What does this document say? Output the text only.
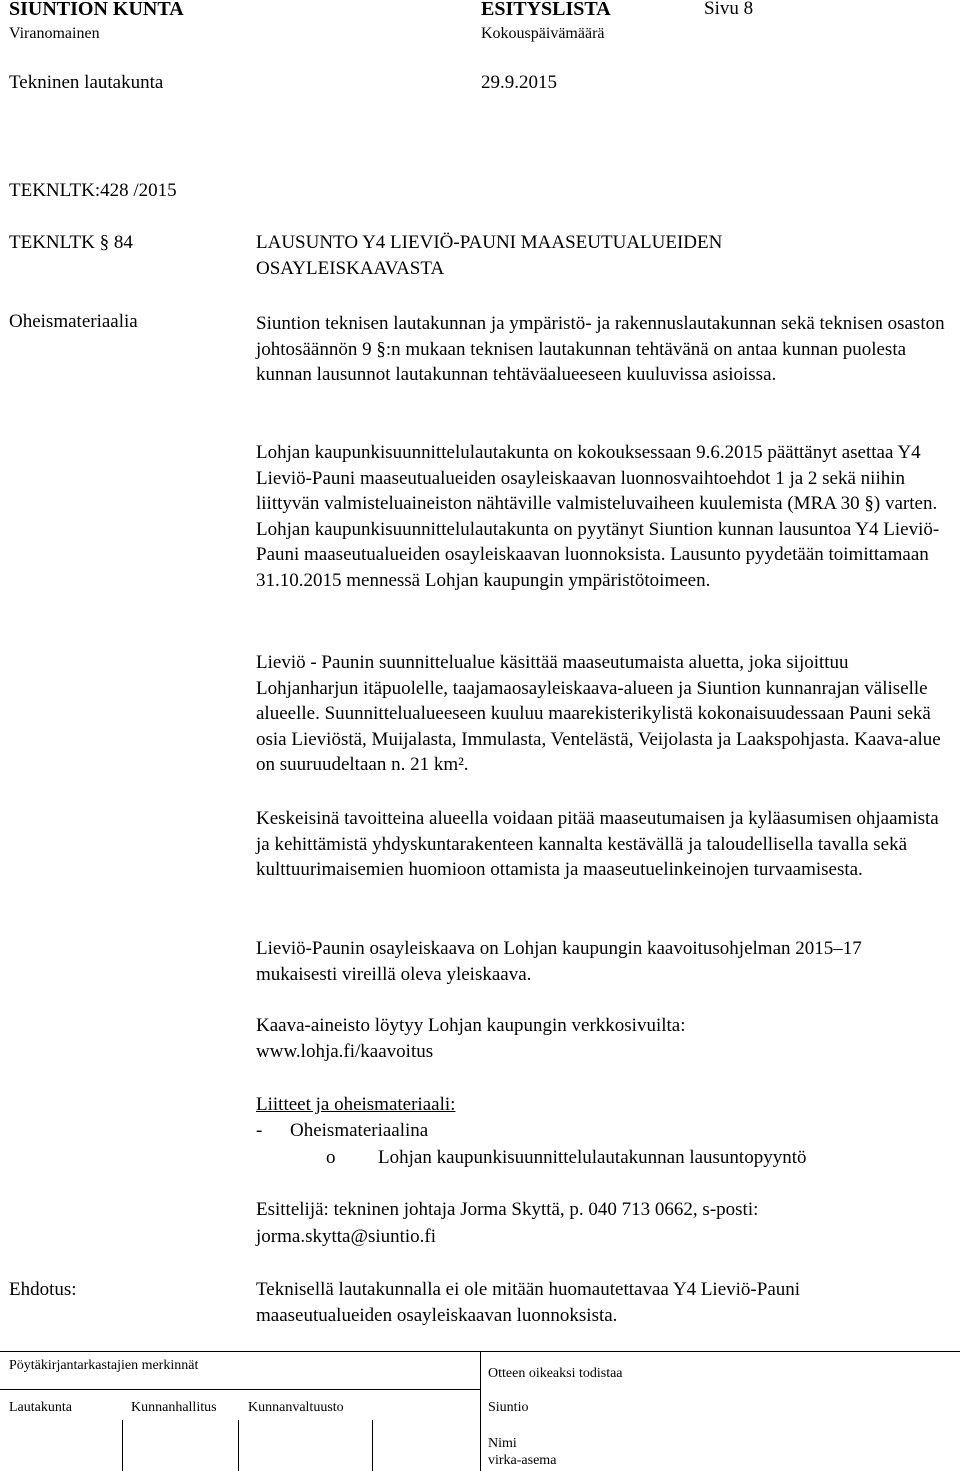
SIUNTION KUNTA	ESITYSLISTA	Sivu 8
Viranomainen	Kokouspäivämäärä
Tekninen lautakunta	29.9.2015
TEKNLTK:428 /2015
TEKNLTK § 84	LAUSUNTO Y4 LIEVIÖ-PAUNI MAASEUTUALUEIDEN
OSAYLEISKAAVASTA
Oheismateriaalia	Siuntion teknisen lautakunnan ja ympäristö- ja rakennuslautakunnan sekä teknisen osaston johtosäännön 9 §:n mukaan teknisen lautakunnan tehtävänä on antaa kunnan puolesta kunnan lausunnot lautakunnan tehtäväalueeseen kuuluvissa asioissa.

Lohjan kaupunkisuunnittelulautakunta on kokouksessaan 9.6.2015 päättänyt asettaa Y4 Lieviö-Pauni maaseutualueiden osayleiskaavan luonnosvaihtoehdot 1 ja 2 sekä niihin liittyvän valmisteluaineiston nähtäville valmisteluvaiheen kuulemista (MRA 30 §) varten. Lohjan kaupunkisuunnittelulautakunta on pyytänyt Siuntion kunnan lausuntoa Y4 Lieviö-Pauni maaseutualueiden osayleiskaavan luonnoksista. Lausunto pyydetään toimittamaan 31.10.2015 mennessä Lohjan kaupungin ympäristötoimeen.

Lieviö - Paunin suunnittelualue käsittää maaseutumaista aluetta, joka sijoittuu Lohjanharjun itäpuolelle, taajamaosayleiskaava-alueen ja Siuntion kunnanrajan väliselle alueelle. Suunnittelualueeseen kuuluu maarekisterikylistä kokonaisuudessaan Pauni sekä osia Lieviöstä, Muijalasta, Immulasta, Ventelästä, Veijolasta ja Laakspohjasta. Kaava-alue on suuruudeltaan n. 21 km².

Keskeisinä tavoitteina alueella voidaan pitää maaseutumaisen ja kyläasumisen ohjaamista ja kehittämistä yhdyskuntarakenteen kannalta kestävällä ja taloudellisella tavalla sekä kulttuurimaisemien huomioon ottamista ja maaseutuelinkeinojen turvaamisesta.

Lieviö-Paunin osayleiskaava on Lohjan kaupungin kaavoitusohjelman 2015–17 mukaisesti vireillä oleva yleiskaava.

Kaava-aineisto löytyy Lohjan kaupungin verkkosivuilta:
www.lohja.fi/kaavoitus
Liitteet ja oheismateriaali:
- Oheismateriaalina
o Lohjan kaupunkisuunnittelulautakunnan lausuntopyyntö
Esittelijä: tekninen johtaja Jorma Skyttä, p. 040 713 0662, s-posti:
jorma.skytta@siuntio.fi
Ehdotus:	Teknisellä lautakunnalla ei ole mitään huomautettavaa Y4 Lieviö-Pauni
maaseutualueiden osayleiskaavan luonnoksista.
Pöytäkirjantarkastajien merkinnät
Otteen oikeaksi todistaa
Lautakunta	Kunnanhallitus Kunnanvaltuusto	Siuntio
Nimi
virka-asema
